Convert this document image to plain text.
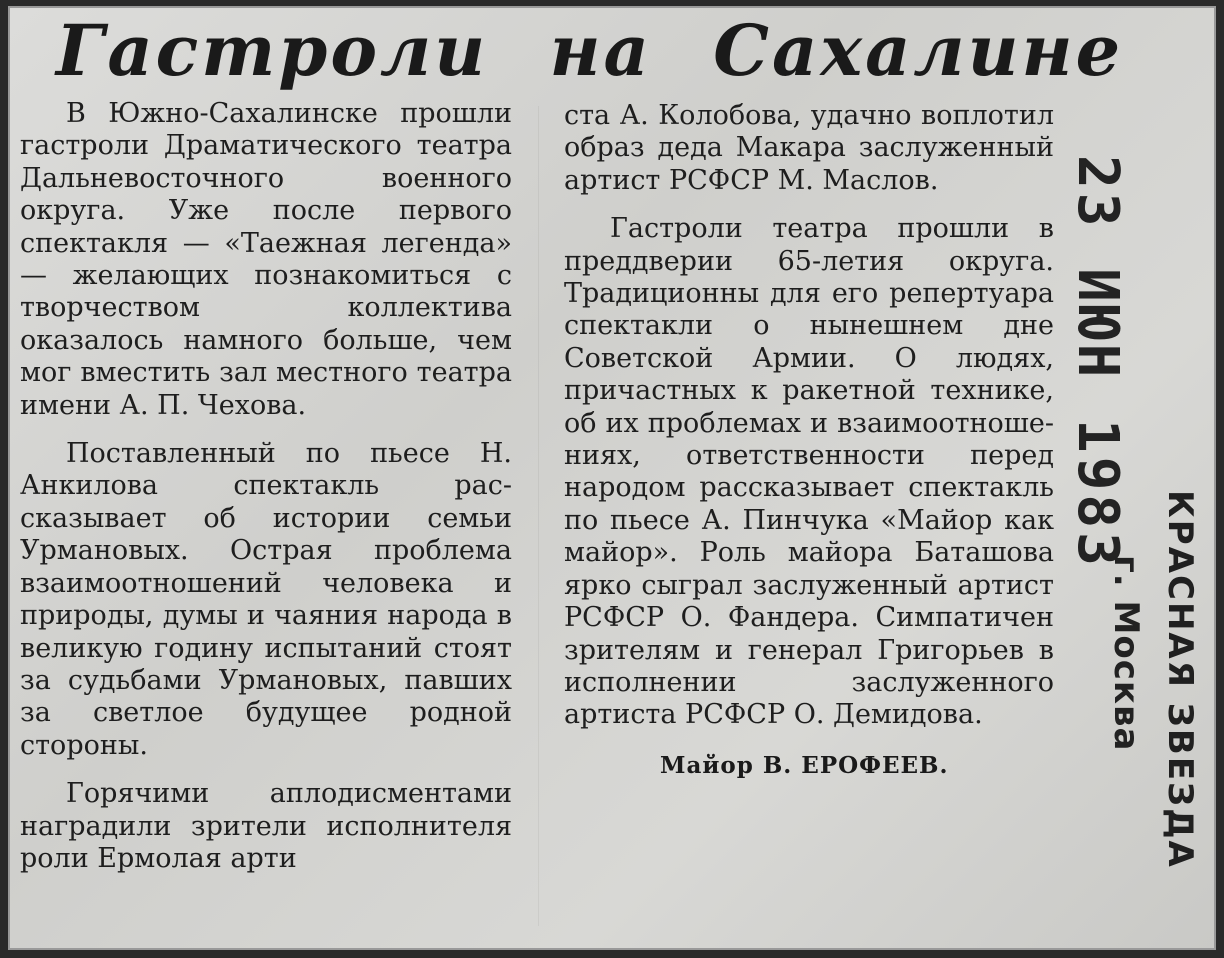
Гастроли на Сахалине

В Южно-Сахалинске прошли гастроли Драматического театра Дальневосточного военного округа. Уже после первого спектакля — «Таежная легенда» — желающих познакомиться с творчеством коллектива оказалось намного больше, чем мог вместить зал местного театра имени А. П. Чехова.

Поставленный по пьесе Н. Анкилова спектакль рассказывает об истории семьи Урмановых. Острая проблема взаимоотношений человека и природы, думы и чаяния народа в великую годину испытаний стоят за судьбами Урмановых, павших за светлое будущее родной стороны.

Горячими аплодисментами наградили зрители исполнителя роли Ермолая арти

ста А. Колобова, удачно воплотил образ деда Макара заслуженный артист РСФСР М. Маслов.

Гастроли театра прошли в преддверии 65-летия округа. Традиционны для его репертуара спектакли о нынешнем дне Советской Армии. О людях, причастных к ракетной технике, об их проблемах и взаимоотношениях, ответственности перед народом рассказывает спектакль по пьесе А. Пинчука «Майор как майор». Роль майора Баташова ярко сыграл заслуженный артист РСФСР О. Фандера. Симпатичен зрителям и генерал Григорьев в исполнении заслуженного артиста РСФСР О. Демидова.

Майор В. ЕРОФЕЕВ.
23 ИЮН 1983
КРАСНАЯ ЗВЕЗДА
г. Москва
